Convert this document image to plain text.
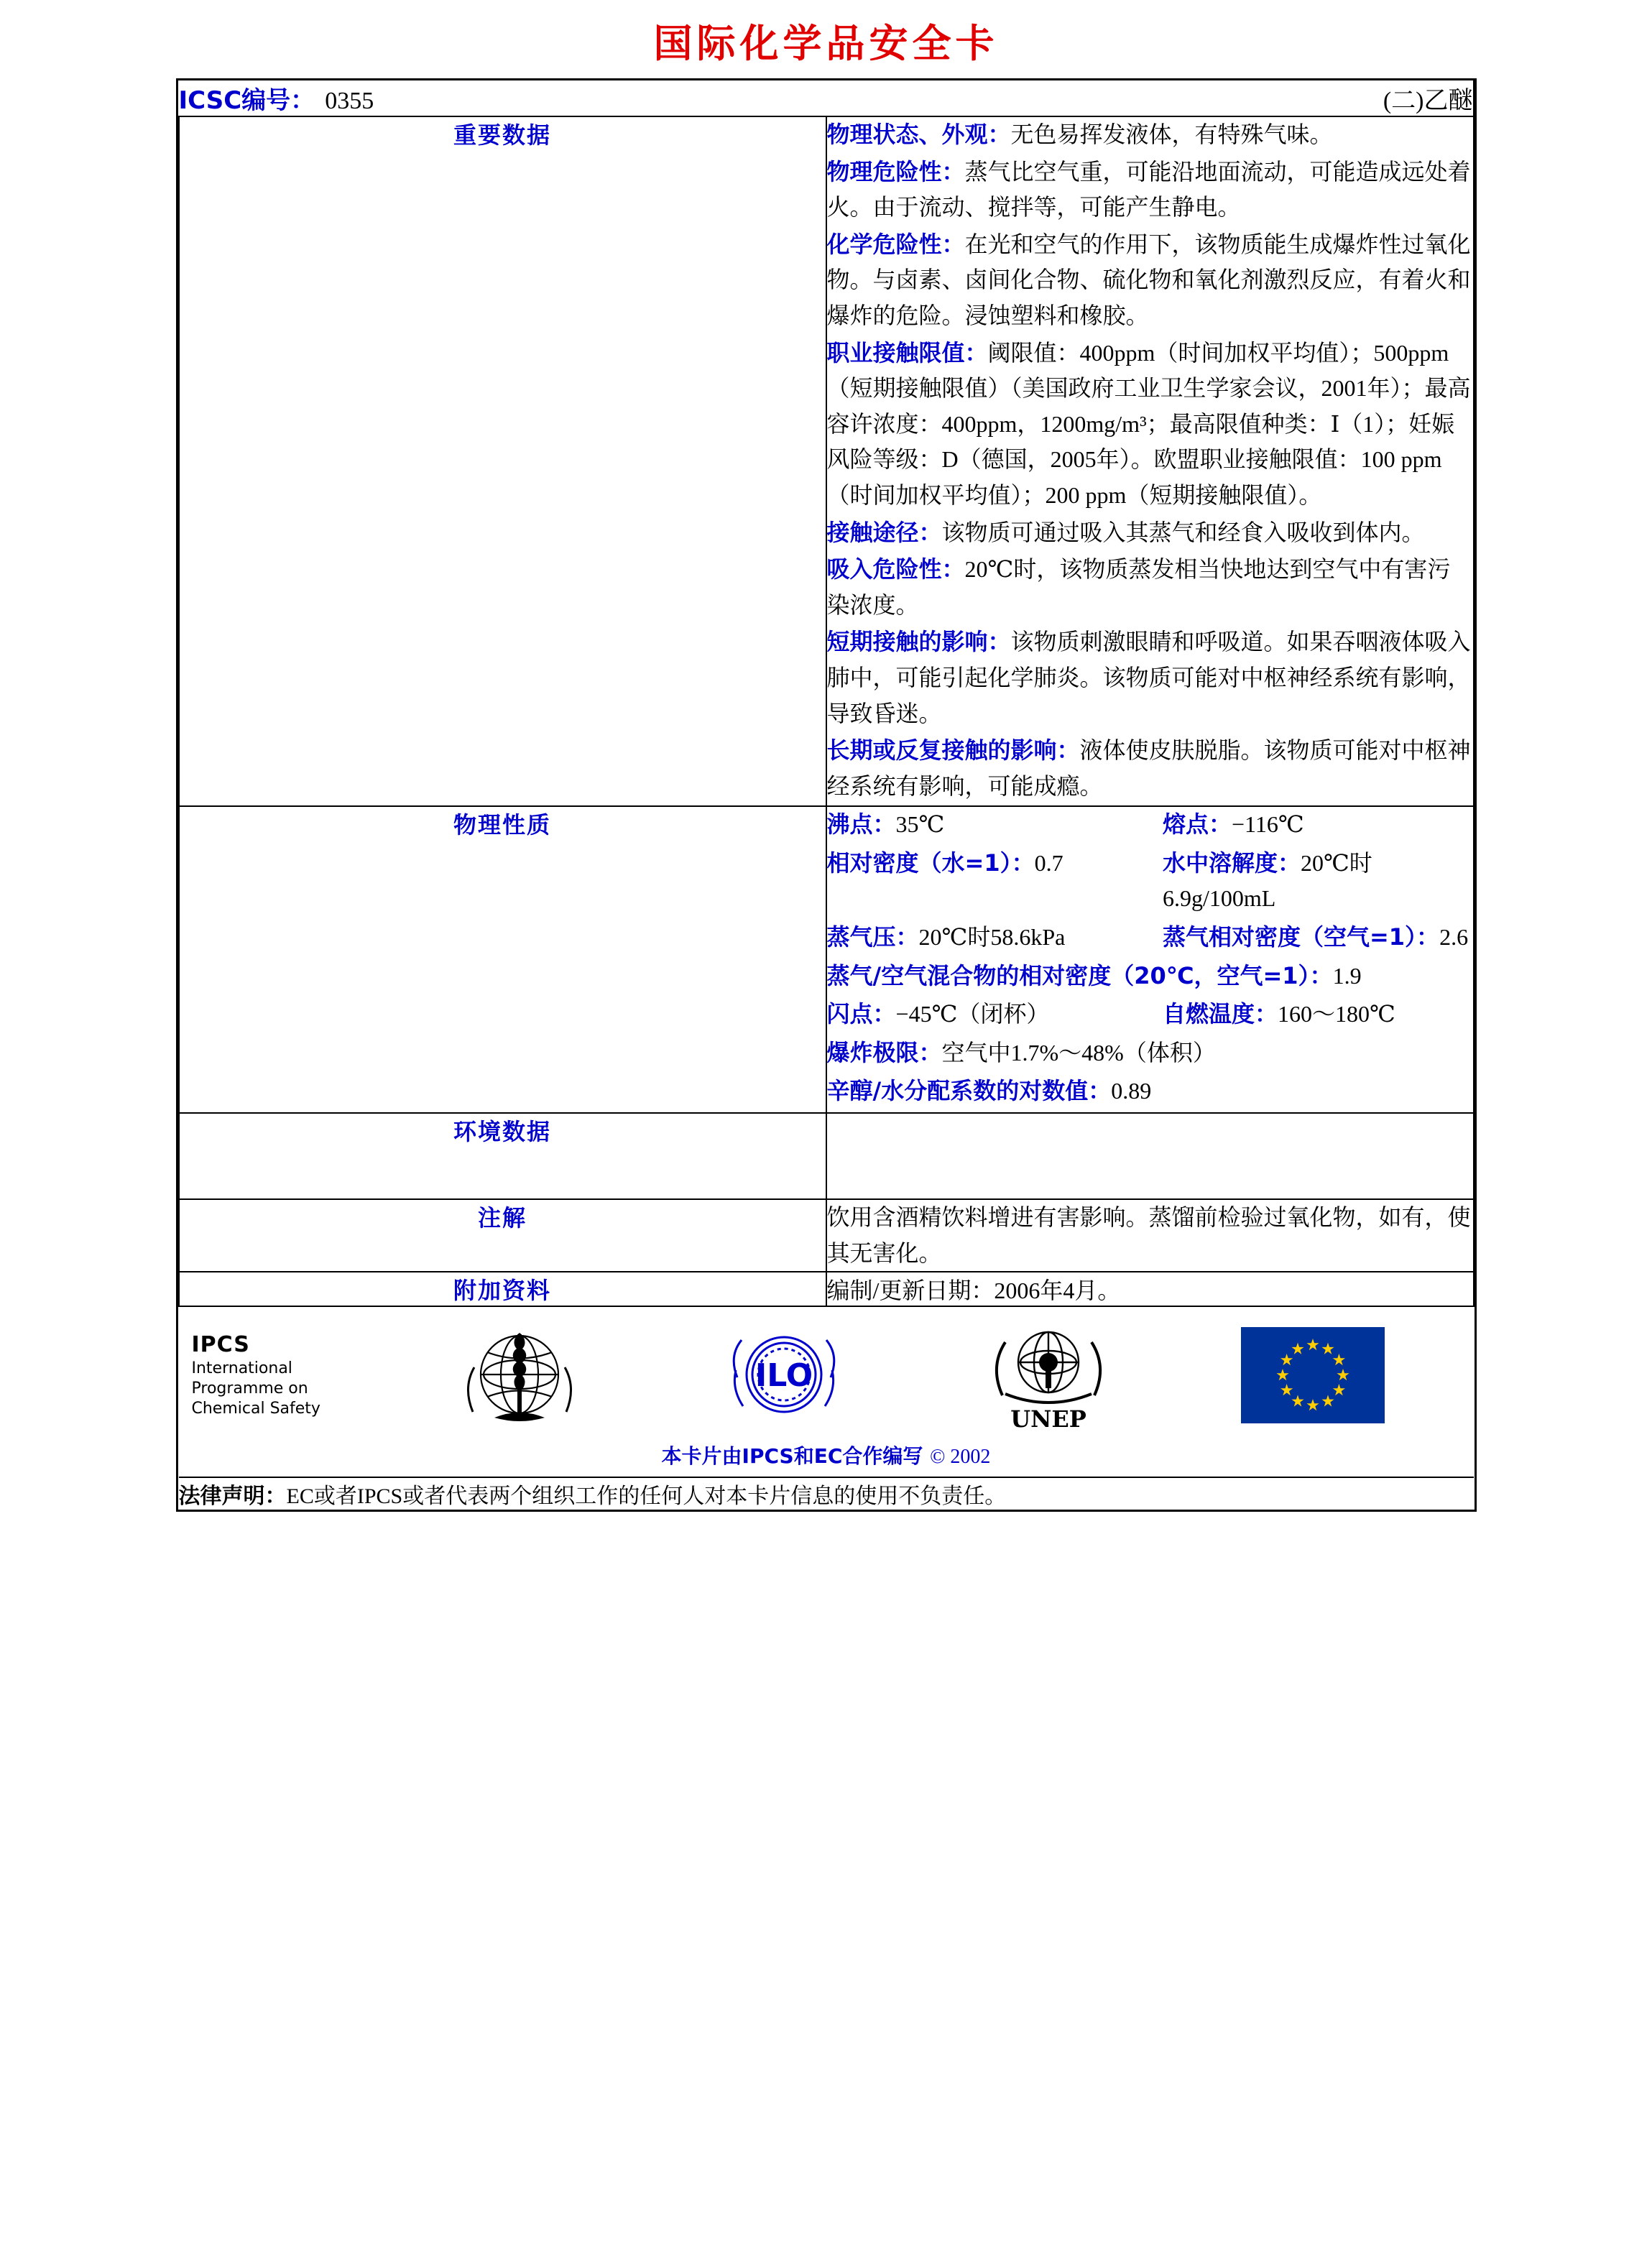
国际化学品安全卡
ICSC编号： 0355 (二)乙醚	

重要数据	物理状态、外观：无色易挥发液体，有特殊气味。

物理危险性：蒸气比空气重，可能沿地面流动，可能造成远处着火。由于流动、搅拌等，可能产生静电。

化学危险性：在光和空气的作用下，该物质能生成爆炸性过氧化物。与卤素、卤间化合物、硫化物和氧化剂激烈反应，有着火和爆炸的危险。浸蚀塑料和橡胶。

职业接触限值：阈限值：400ppm（时间加权平均值）；500ppm（短期接触限值）（美国政府工业卫生学家会议，2001年）；最高容许浓度：400ppm，1200mg/m³；最高限值种类：Ⅰ（1）；妊娠风险等级：D（德国，2005年）。欧盟职业接触限值：100 ppm（时间加权平均值）；200 ppm（短期接触限值）。

接触途径：该物质可通过吸入其蒸气和经食入吸收到体内。

吸入危险性：20℃时，该物质蒸发相当快地达到空气中有害污染浓度。

短期接触的影响：该物质刺激眼睛和呼吸道。如果吞咽液体吸入肺中，可能引起化学肺炎。该物质可能对中枢神经系统有影响，导致昏迷。

长期或反复接触的影响：液体使皮肤脱脂。该物质可能对中枢神经系统有影响，可能成瘾。

物理性质	沸点：35℃	熔点：−116℃
相对密度（水=1）：0.7	水中溶解度：20℃时6.9g/100mL
蒸气压：20℃时58.6kPa	蒸气相对密度（空气=1）：2.6
蒸气/空气混合物的相对密度（20℃，空气=1）：1.9
闪点：−45℃（闭杯）	自燃温度：160～180℃
爆炸极限：空气中1.7%～48%（体积）
辛醇/水分配系数的对数值：0.89

环境数据	
注解	饮用含酒精饮料增进有害影响。蒸馏前检验过氧化物，如有，使其无害化。
附加资料	编制/更新日期：2006年4月。

IPCS
International
Programme on
Chemical Safety
ILO
UNEP
本卡片由IPCS和EC合作编写 © 2002

法律声明：EC或者IPCS或者代表两个组织工作的任何人对本卡片信息的使用不负责任。	
